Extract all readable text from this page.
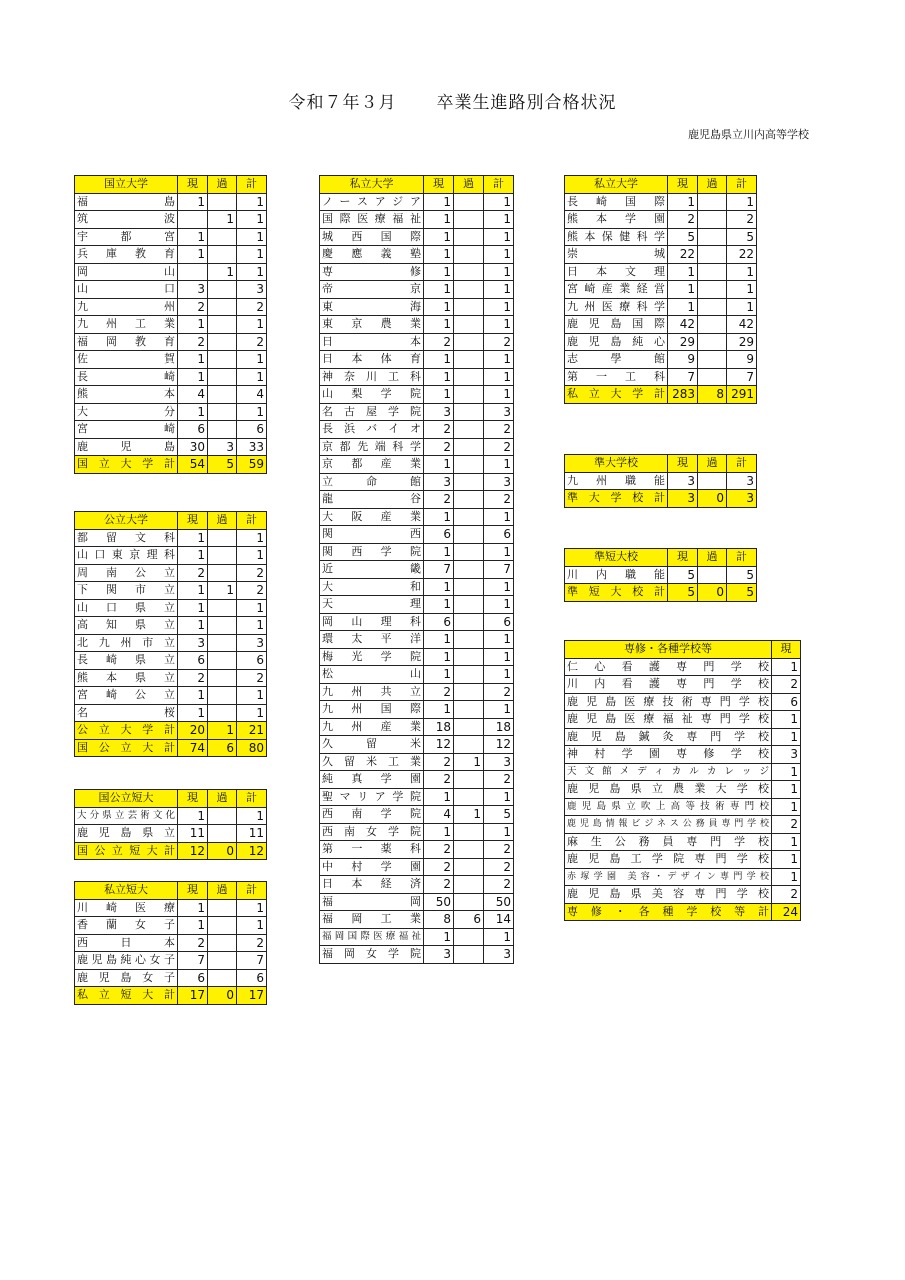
令和７年３月 卒業生進路別合格状況
鹿児島県立川内高等学校
国立大学	現	過	計
福島	1		1
筑波		1	1
宇都宮	1		1
兵庫教育	1		1
岡山		1	1
山口	3		3
九州	2		2
九州工業	1		1
福岡教育	2		2
佐賀	1		1
長崎	1		1
熊本	4		4
大分	1		1
宮崎	6		6
鹿児島	30	3	33
国立大学計	54	5	59
公立大学	現	過	計
都留文科	1		1
山口東京理科	1		1
周南公立	2		2
下関市立	1	1	2
山口県立	1		1
高知県立	1		1
北九州市立	3		3
長崎県立	6		6
熊本県立	2		2
宮崎公立	1		1
名桜	1		1
公立大学計	20	1	21
国公立大計	74	6	80
国公立短大	現	過	計
大分県立芸術文化	1		1
鹿児島県立	11		11
国公立短大計	12	0	12
私立短大	現	過	計
川崎医療	1		1
香蘭女子	1		1
西日本	2		2
鹿児島純心女子	7		7
鹿児島女子	6		6
私立短大計	17	0	17
私立大学	現	過	計
ノースアジア	1		1
国際医療福祉	1		1
城西国際	1		1
慶應義塾	1		1
専修	1		1
帝京	1		1
東海	1		1
東京農業	1		1
日本	2		2
日本体育	1		1
神奈川工科	1		1
山梨学院	1		1
名古屋学院	3		3
長浜バイオ	2		2
京都先端科学	2		2
京都産業	1		1
立命館	3		3
龍谷	2		2
大阪産業	1		1
関西	6		6
関西学院	1		1
近畿	7		7
大和	1		1
天理	1		1
岡山理科	6		6
環太平洋	1		1
梅光学院	1		1
松山	1		1
九州共立	2		2
九州国際	1		1
九州産業	18		18
久留米	12		12
久留米工業	2	1	3
純真学園	2		2
聖マリア学院	1		1
西南学院	4	1	5
西南女学院	1		1
第一薬科	2		2
中村学園	2		2
日本経済	2		2
福岡	50		50
福岡工業	8	6	14
福岡国際医療福祉	1		1
福岡女学院	3		3
私立大学	現	過	計
長崎国際	1		1
熊本学園	2		2
熊本保健科学	5		5
崇城	22		22
日本文理	1		1
宮崎産業経営	1		1
九州医療科学	1		1
鹿児島国際	42		42
鹿児島純心	29		29
志學館	9		9
第一工科	7		7
私立大学計	283	8	291
準大学校	現	過	計
九州職能	3		3
準大学校計	3	0	3
準短大校	現	過	計
川内職能	5		5
準短大校計	5	0	5
専修・各種学校等	現
仁心看護専門学校	1
川内看護専門学校	2
鹿児島医療技術専門学校	6
鹿児島医療福祉専門学校	1
鹿児島鍼灸専門学校	1
神村学園専修学校	3
天文館メディカルカレッジ	1
鹿児島県立農業大学校	1
鹿児島県立吹上高等技術専門校	1
鹿児島情報ビジネス公務員専門学校	2
麻生公務員専門学校	1
鹿児島工学院専門学校	1
赤塚学園 美容・デザイン専門学校	1
鹿児島県美容専門学校	2
専修・各種学校等計	24
